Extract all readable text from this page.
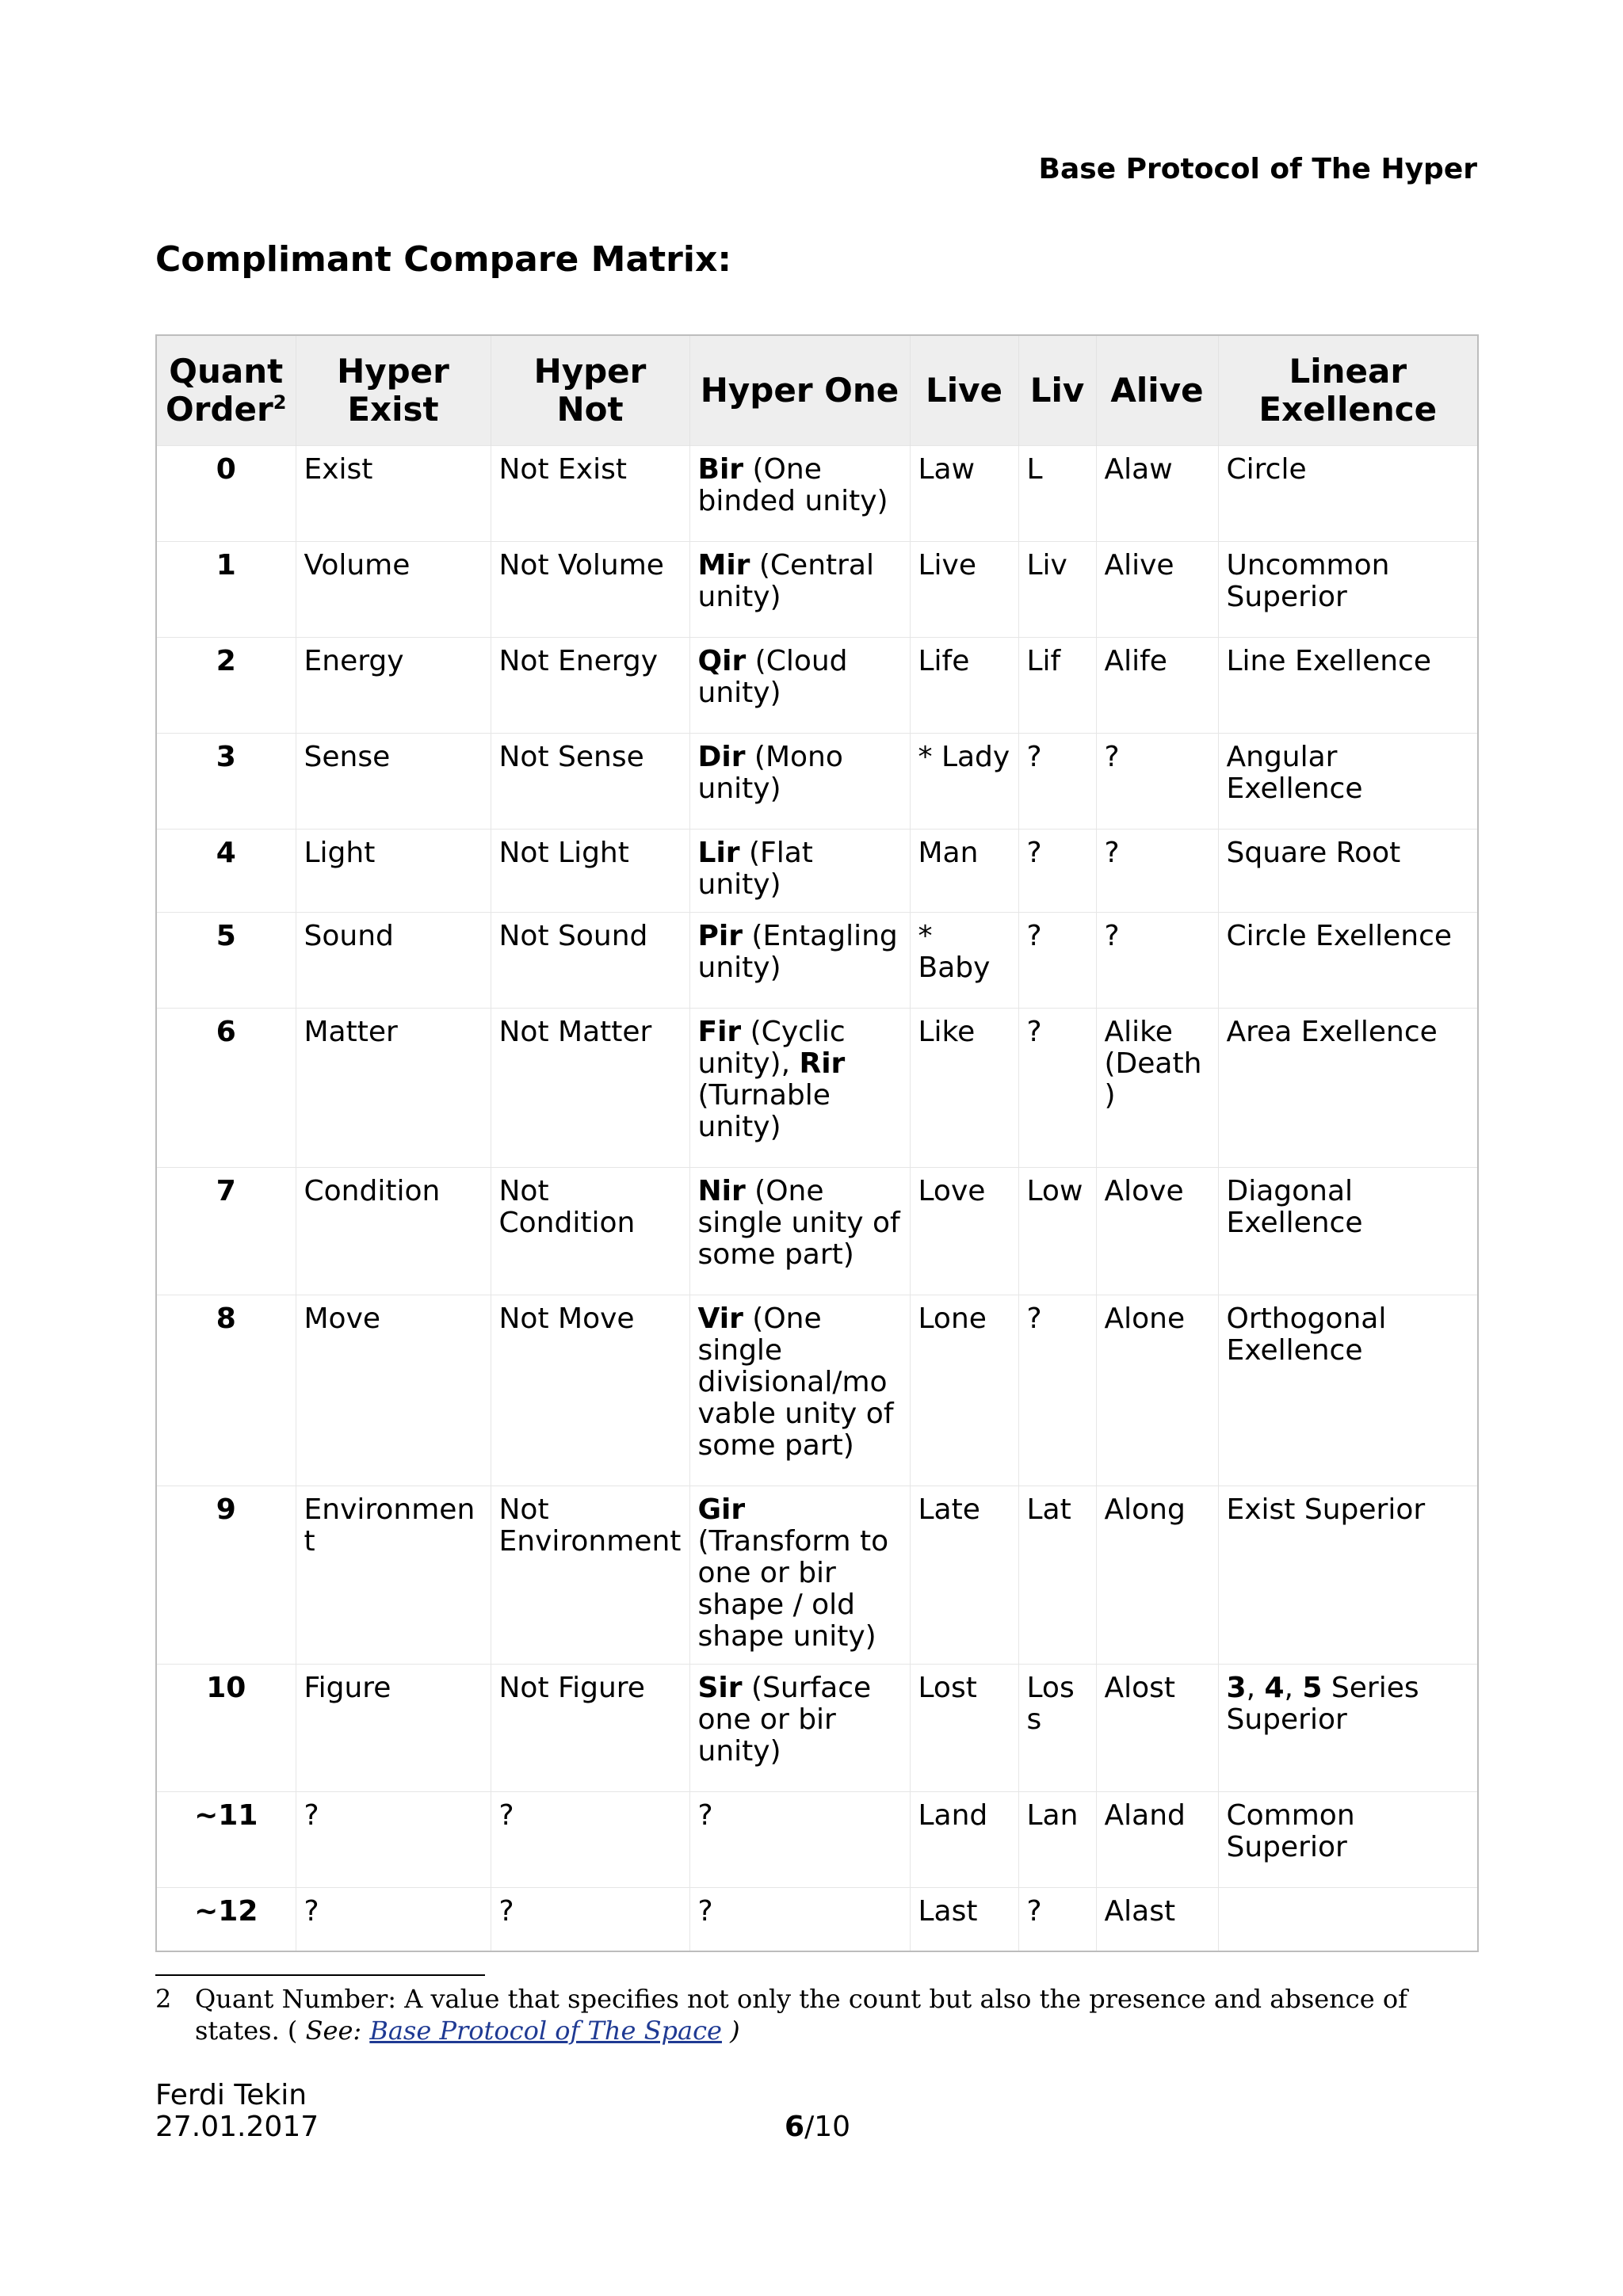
Base Protocol of The Hyper
Complimant Compare Matrix:
Quant Order$^2$	Hyper Exist	Hyper Not	Hyper One	Live	Liv	Alive	Linear Exellence
0	Exist	Not Exist	Bir (One binded unity)	Law	L	Alaw	Circle
1	Volume	Not Volume	Mir (Central unity)	Live	Liv	Alive	Uncommon Superior
2	Energy	Not Energy	Qir (Cloud unity)	Life	Lif	Alife	Line Exellence
3	Sense	Not Sense	Dir (Mono unity)	* Lady	?	?	Angular Exellence
4	Light	Not Light	Lir (Flat unity)	Man	?	?	Square Root
5	Sound	Not Sound	Pir (Entagling unity)	* Baby	?	?	Circle Exellence
6	Matter	Not Matter	Fir (Cyclic unity), Rir (Turnable unity)	Like	?	Alike (Death)	Area Exellence
7	Condition	Not Condition	Nir (One single unity of some part)	Love	Low	Alove	Diagonal Exellence
8	Move	Not Move	Vir (One single divisional/movable unity of some part)	Lone	?	Alone	Orthogonal Exellence
9	Environment	Not Environment	Gir (Transform to one or bir shape / old shape unity)	Late	Lat	Along	Exist Superior
10	Figure	Not Figure	Sir (Surface one or bir unity)	Lost	Loss	Alost	3, 4, 5 Series Superior
~11	?	?	?	Land	Lan	Aland	Common Superior
~12	?	?	?	Last	?	Alast	
2 Quant Number: A value that specifies not only the count but also the presence and absence of states. ( See: Base Protocol of The Space )
Ferdi Tekin
27.01.2017	6/10
